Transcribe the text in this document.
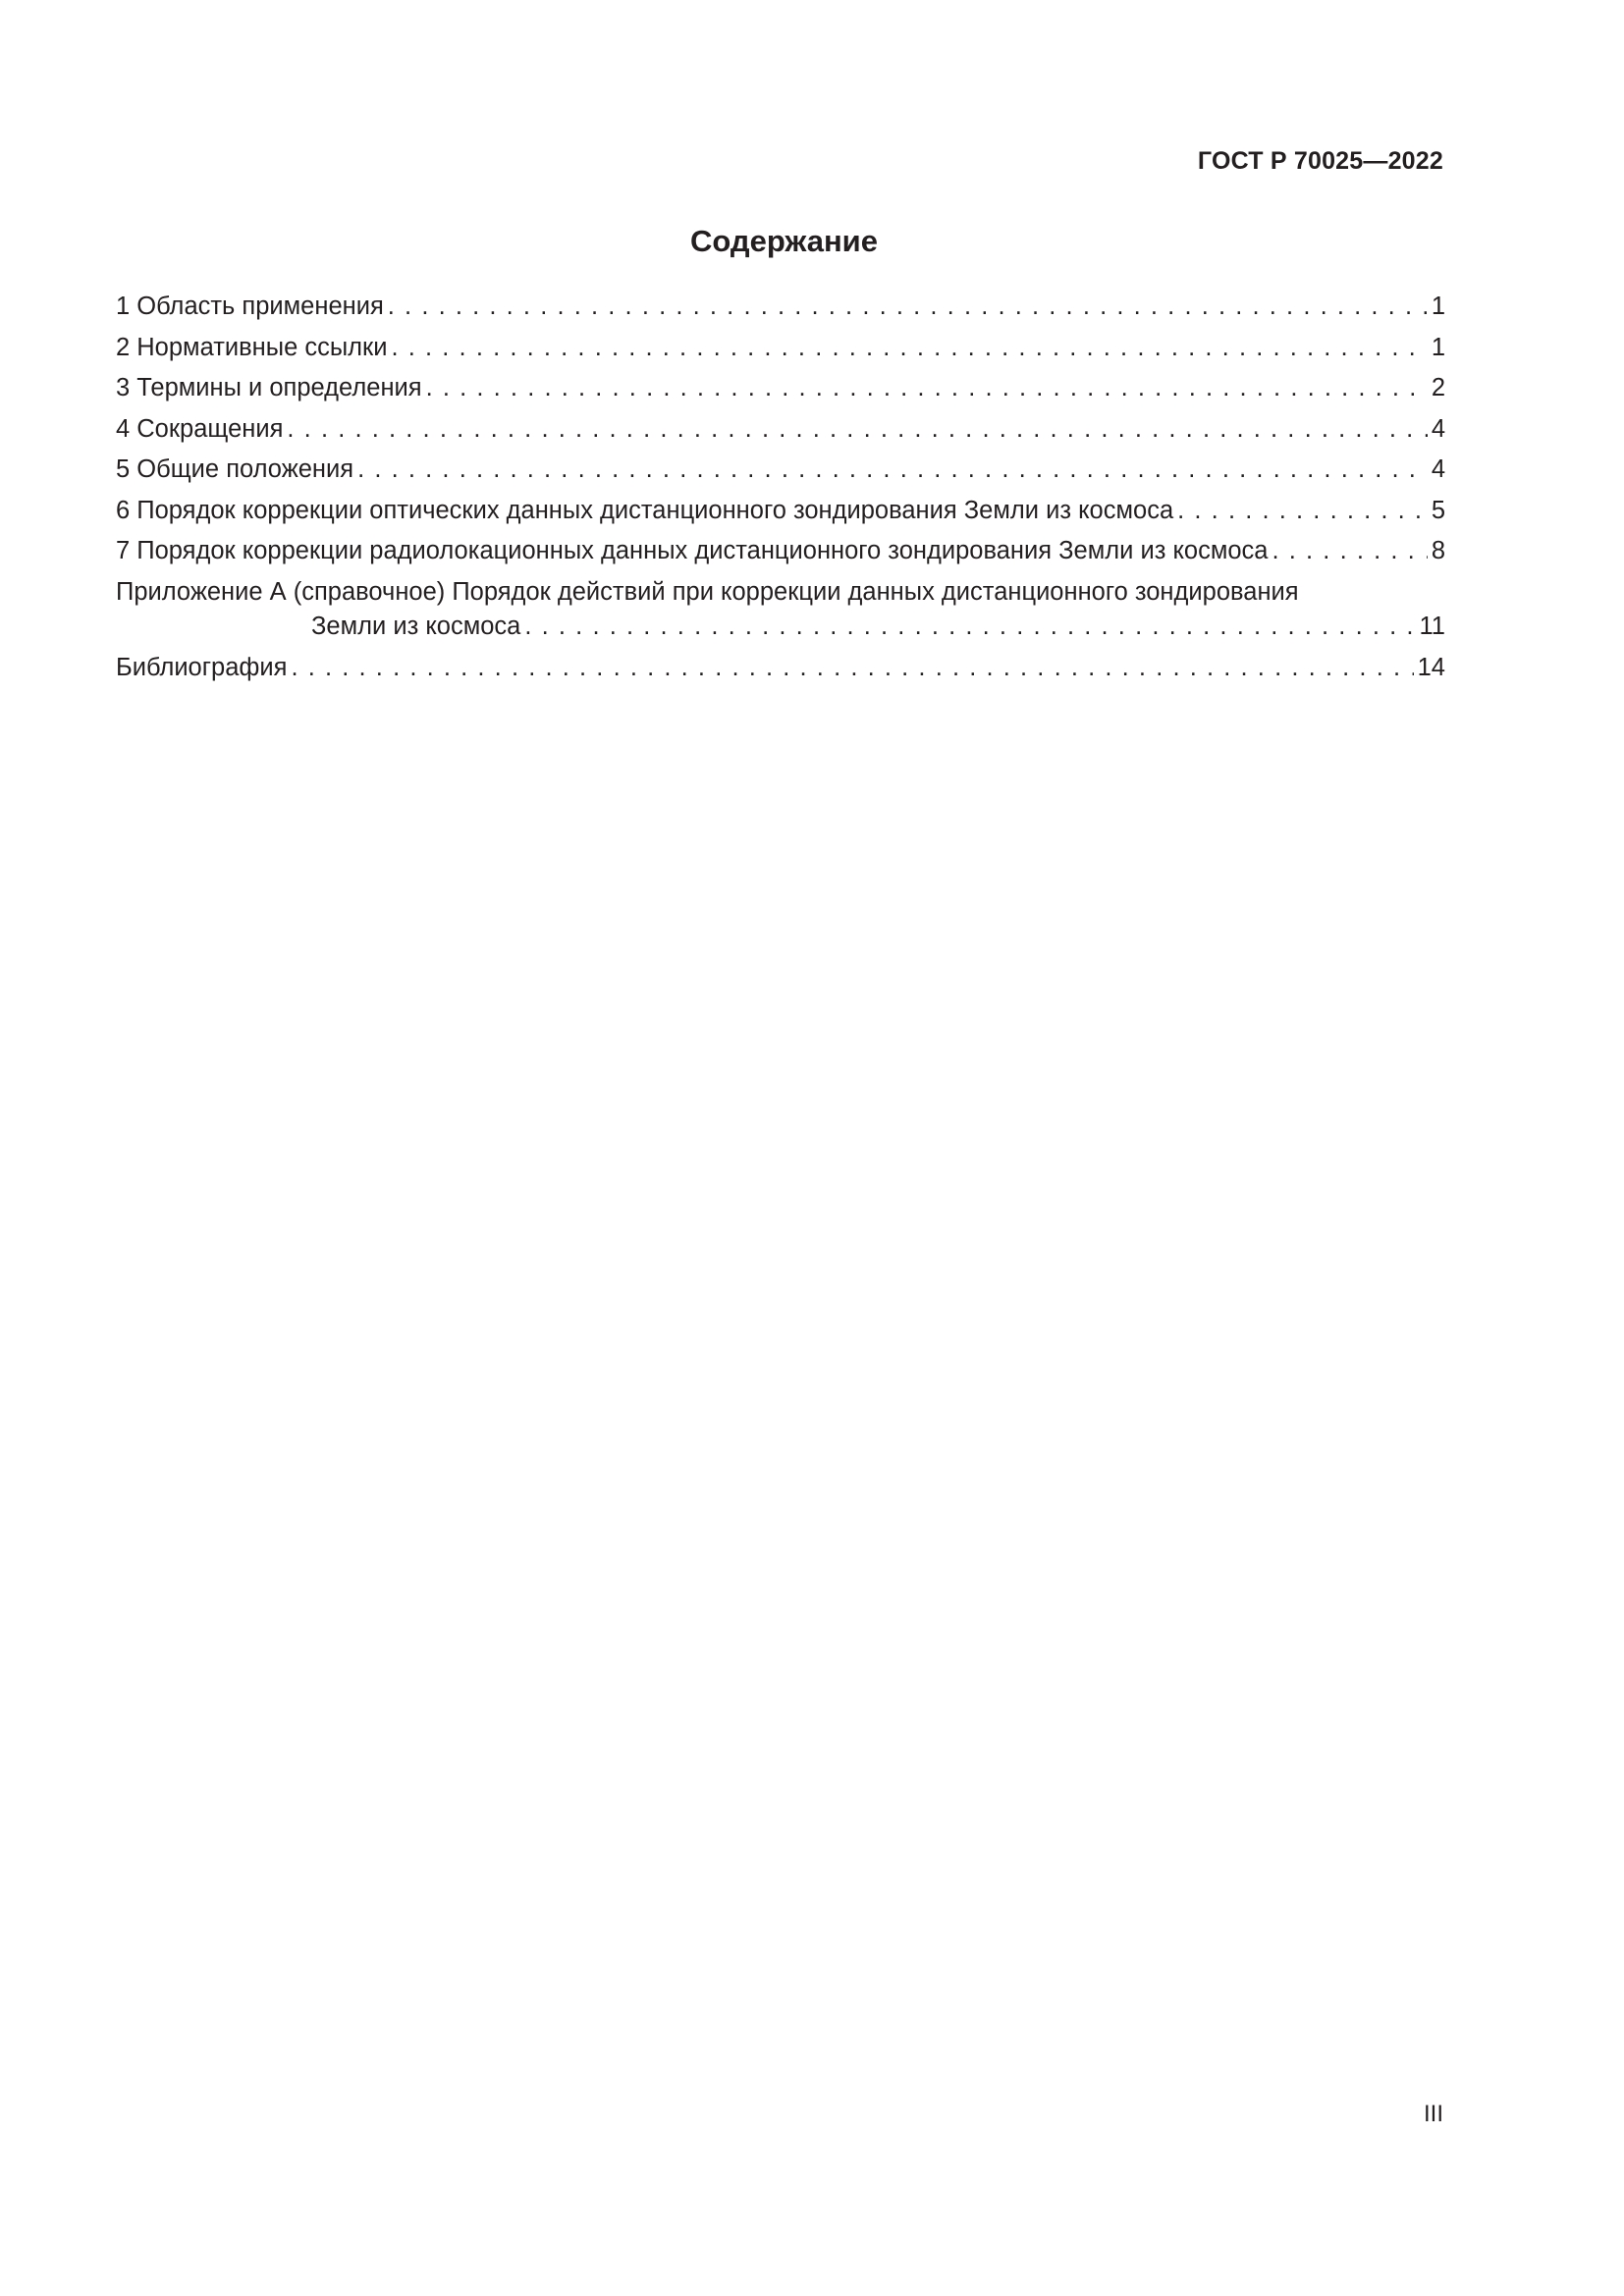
ГОСТ Р 70025—2022
Содержание
1 Область применения . . .	1
2 Нормативные ссылки . . .	1
3 Термины и определения . . .	2
4 Сокращения . . .	4
5 Общие положения . . .	4
6 Порядок коррекции оптических данных дистанционного зондирования Земли из космоса . . .	5
7 Порядок коррекции радиолокационных данных дистанционного зондирования Земли из космоса . . .	8
Приложение А (справочное) Порядок действий при коррекции данных дистанционного зондирования
Земли из космоса . . .	11
Библиография . . .	14
III
